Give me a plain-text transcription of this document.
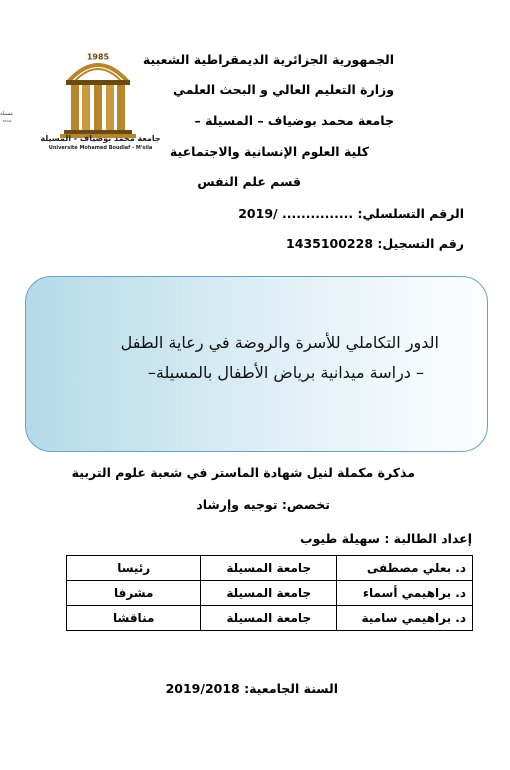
1985
جامعة محمد بوضياف - المسيلة
Université Mohamed Boudiaf - M'sila
مسيلة
M'sila
الجمهورية الجزائرية الديمقراطية الشعبية
وزارة التعليم العالي و البحث العلمي
جامعة محمد بوضياف – المسيلة –
كلية العلوم الإنسانية والاجتماعية
قسم علم النفس
الرقم التسلسلي: ............... /2019
رقم التسجيل: 1435100228
الدور التكاملي للأسرة والروضة في رعاية الطفل
– دراسة ميدانية برياض الأطفال بالمسيلة–
مذكرة مكملة لنيل شهادة الماستر في شعبة علوم التربية
تخصص: توجيه وإرشاد
إعداد الطالبة : سهيلة طيوب
د. بعلي مصطفى	جامعة المسيلة	رئيسا
د. براهيمي أسماء	جامعة المسيلة	مشرفا
د. براهيمي سامية	جامعة المسيلة	مناقشا
السنة الجامعية: 2019/2018
